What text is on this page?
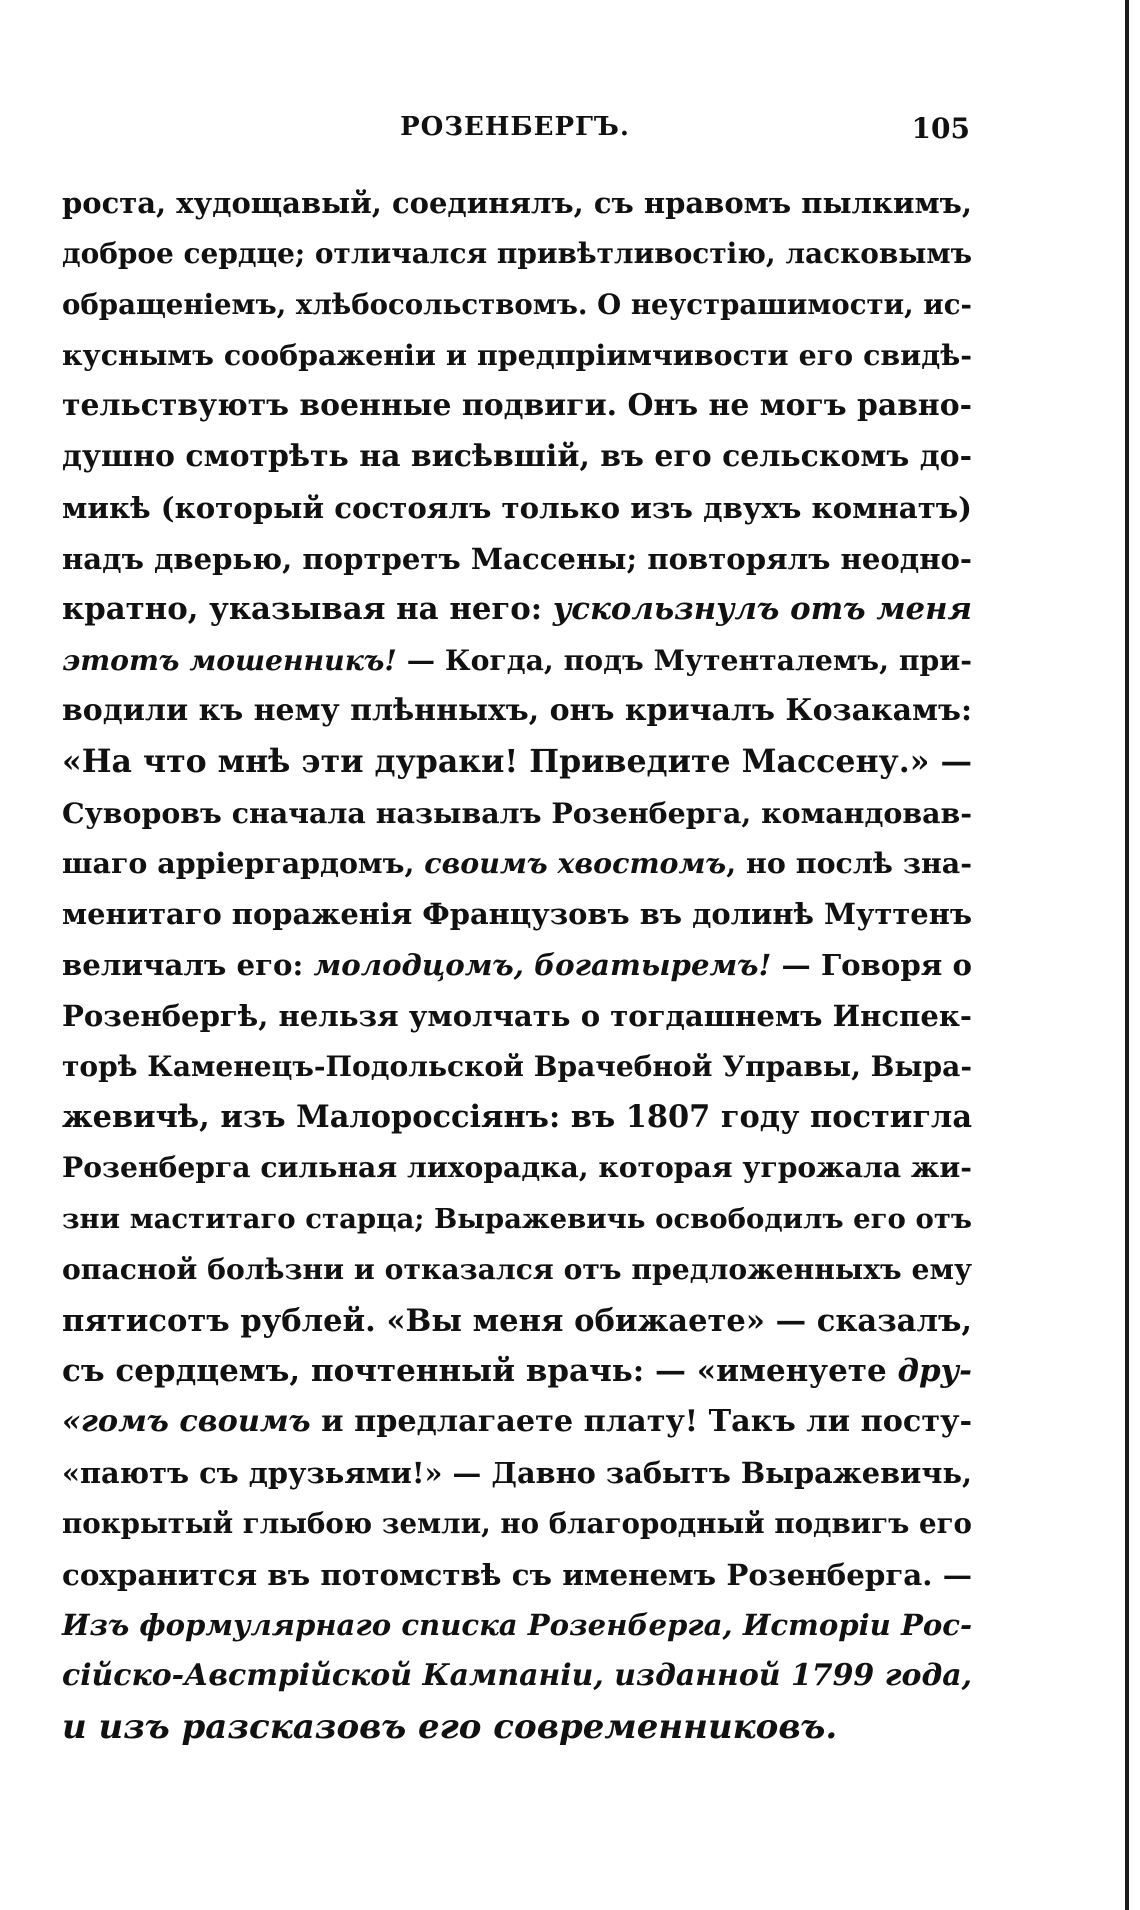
РОЗЕНБЕРГЪ.	105
роста, худощавый, соединялъ, съ нравомъ пылкимъ,
доброе сердце; отличался привѣтливостію, ласковымъ
обращеніемъ, хлѣбосольствомъ. О неустрашимости, ис-
куснымъ соображеніи и предпріимчивости его свидѣ-
тельствуютъ военные подвиги. Онъ не могъ равно-
душно смотрѣть на висѣвшій, въ его сельскомъ до-
микѣ (который состоялъ только изъ двухъ комнатъ)
надъ дверью, портретъ Массены; повторялъ неодно-
кратно, указывая на него: ускользнулъ отъ меня
этотъ мошенникъ! — Когда, подъ Мутенталемъ, при-
водили къ нему плѣнныхъ, онъ кричалъ Козакамъ:
«На что мнѣ эти дураки! Приведите Массену.» —
Суворовъ сначала называлъ Розенберга, командовав-
шаго арріергардомъ, своимъ хвостомъ, но послѣ зна-
менитаго пораженія Французовъ въ долинѣ Муттенъ
величалъ его: молодцомъ, богатыремъ! — Говоря о
Розенбергѣ, нельзя умолчать о тогдашнемъ Инспек-
торѣ Каменецъ-Подольской Врачебной Управы, Выра-
жевичѣ, изъ Малороссіянъ: въ 1807 году постигла
Розенберга сильная лихорадка, которая угрожала жи-
зни маститаго старца; Выражевичь освободилъ его отъ
опасной болѣзни и отказался отъ предложенныхъ ему
пятисотъ рублей. «Вы меня обижаете» — сказалъ,
съ сердцемъ, почтенный врачь: — «именуете дру-
«гомъ своимъ и предлагаете плату! Такъ ли посту-
«паютъ съ друзьями!» — Давно забытъ Выражевичь,
покрытый глыбою земли, но благородный подвигъ его
сохранится въ потомствѣ съ именемъ Розенберга. —
Изъ формулярнаго списка Розенберга, Исторіи Рос-
сійско-Австрійской Кампаніи, изданной 1799 года,
и изъ разсказовъ его современниковъ.
